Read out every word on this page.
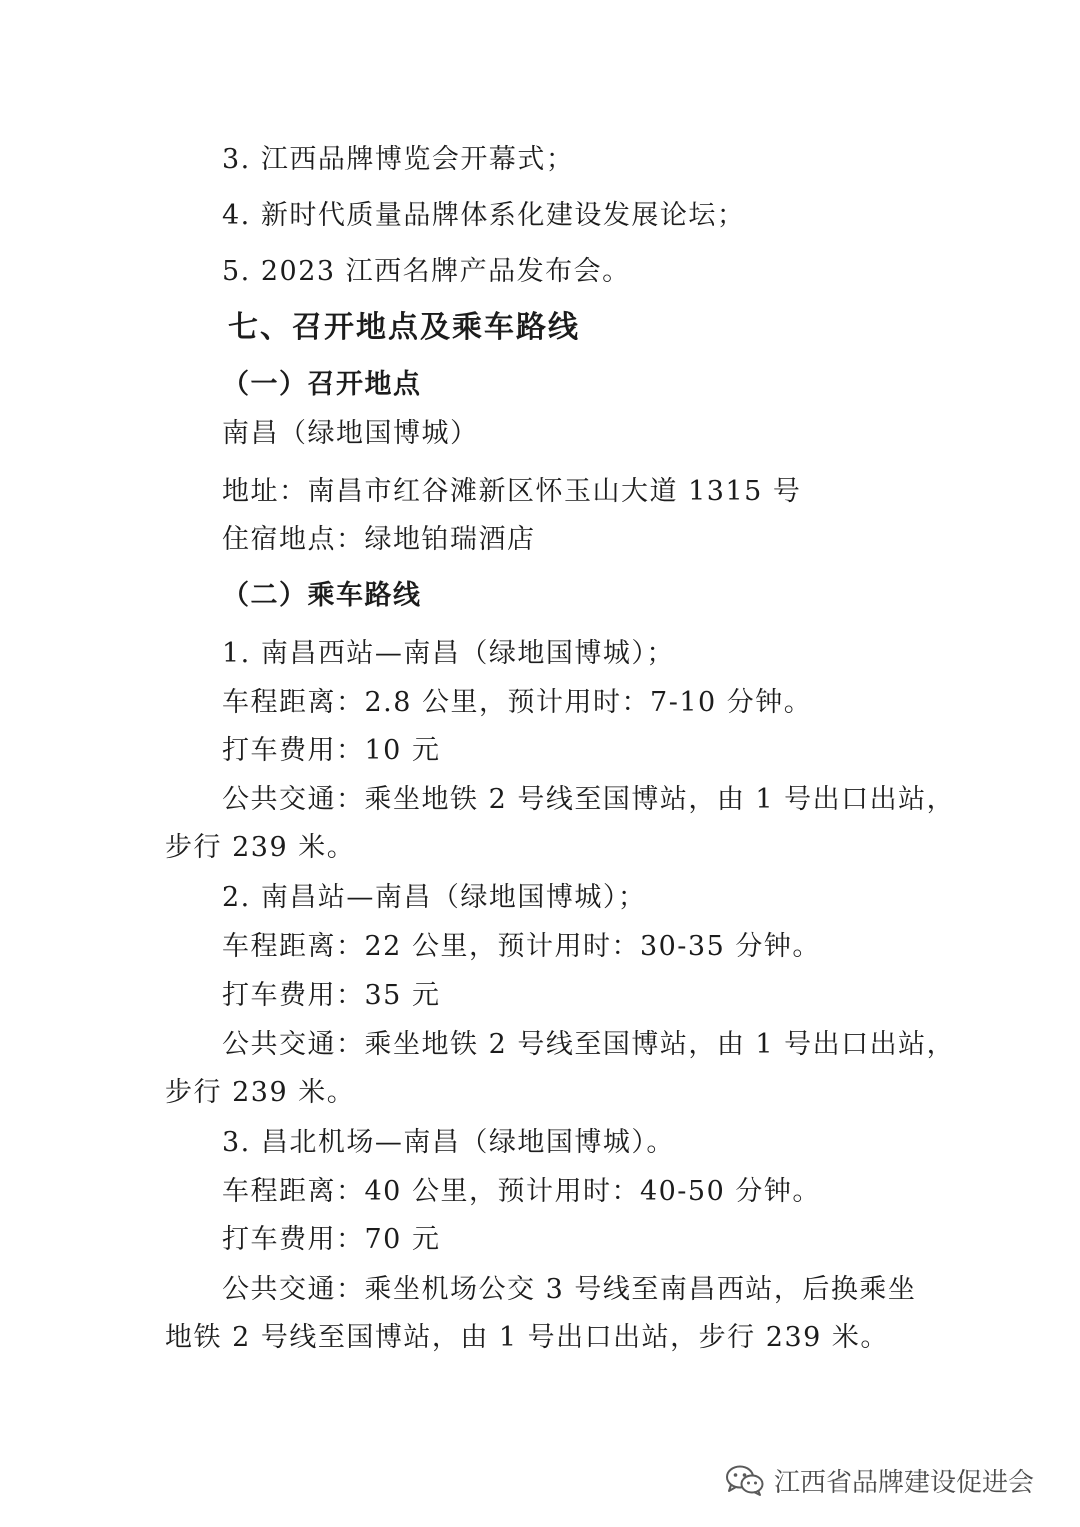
3. 江西品牌博览会开幕式；
4. 新时代质量品牌体系化建设发展论坛；
5. 2023 江西名牌产品发布会。
七、召开地点及乘车路线
（一）召开地点
南昌（绿地国博城）
地址：南昌市红谷滩新区怀玉山大道 1315 号
住宿地点：绿地铂瑞酒店
（二）乘车路线
1. 南昌西站—南昌（绿地国博城）；
车程距离：2.8 公里，预计用时：7-10 分钟。
打车费用：10 元
公共交通：乘坐地铁 2 号线至国博站，由 1 号出口出站，
步行 239 米。
2. 南昌站—南昌（绿地国博城）；
车程距离：22 公里，预计用时：30-35 分钟。
打车费用：35 元
公共交通：乘坐地铁 2 号线至国博站，由 1 号出口出站，
步行 239 米。
3. 昌北机场—南昌（绿地国博城）。
车程距离：40 公里，预计用时：40-50 分钟。
打车费用：70 元
公共交通：乘坐机场公交 3 号线至南昌西站，后换乘坐
地铁 2 号线至国博站，由 1 号出口出站，步行 239 米。
江西省品牌建设促进会
